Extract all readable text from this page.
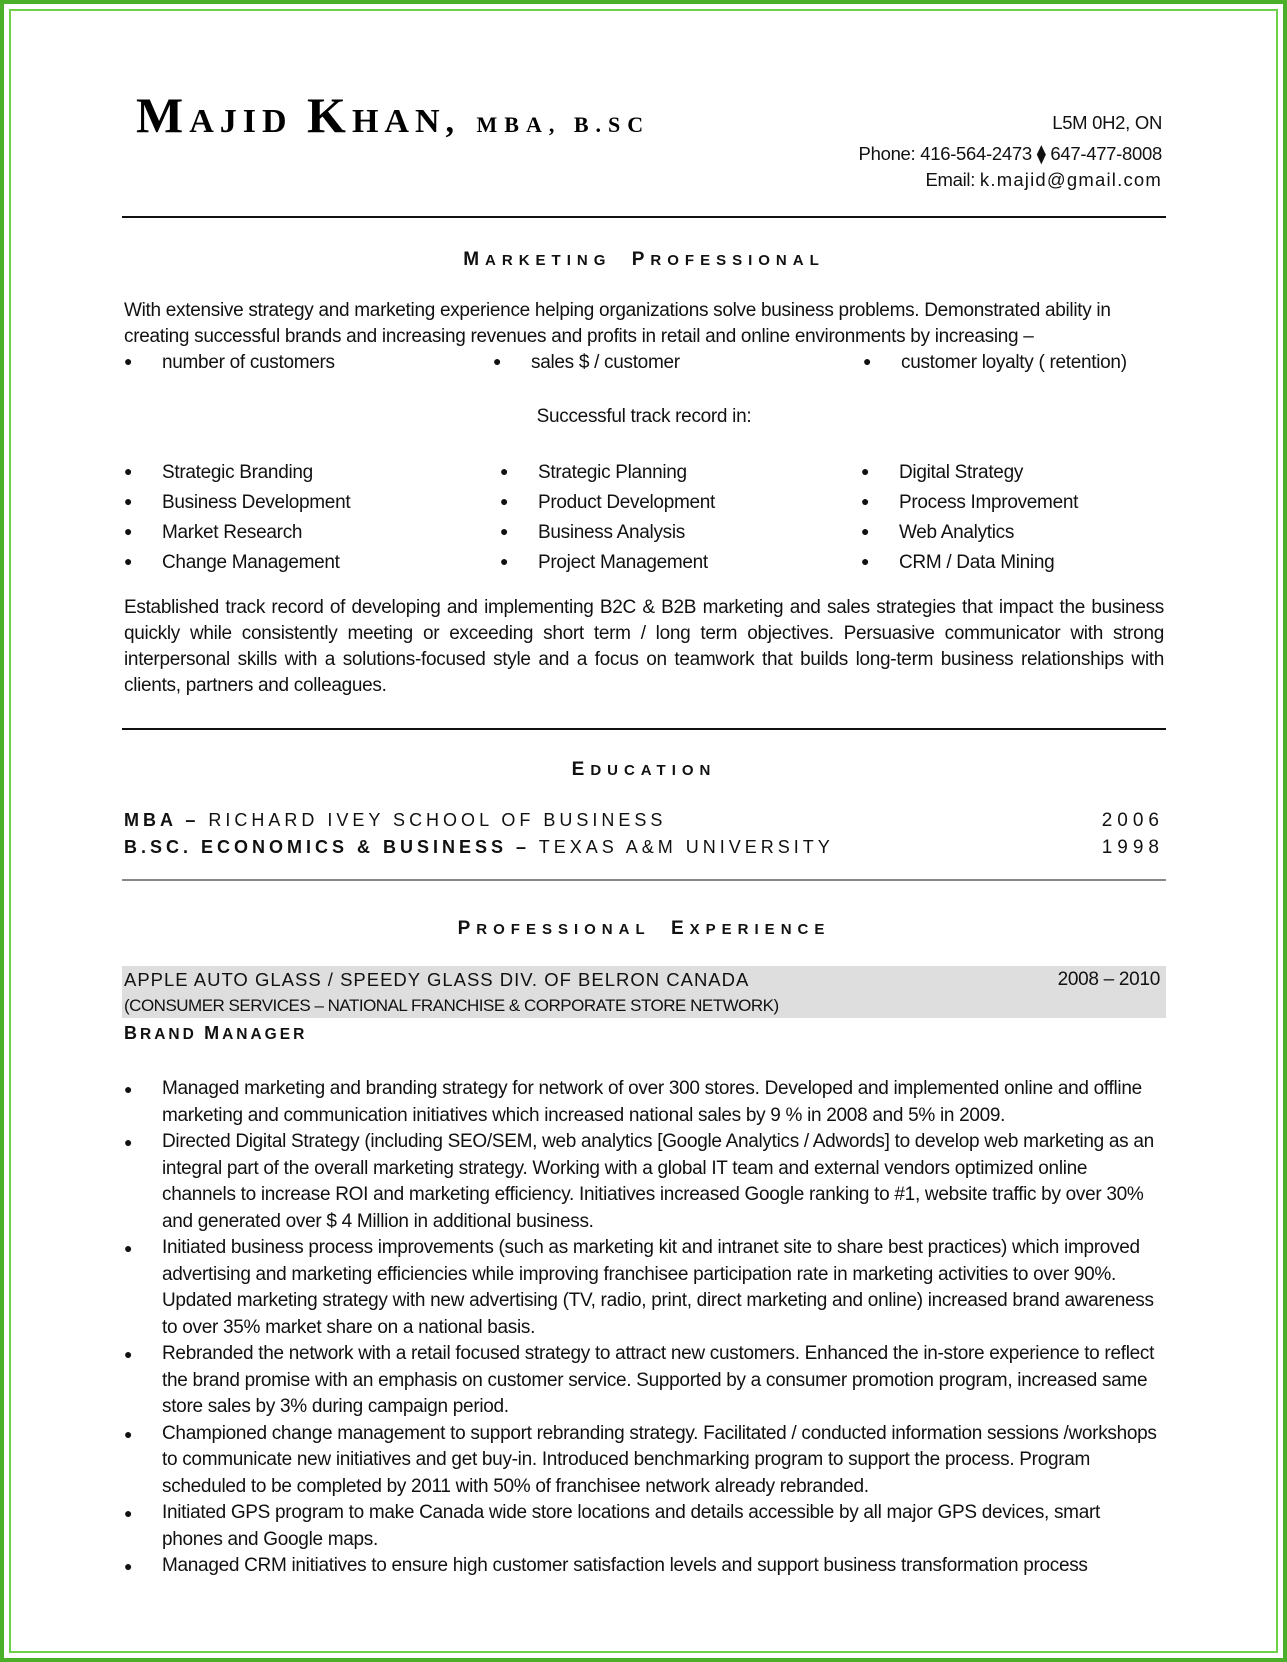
MAJID KHAN, MBA, B.SC	L5M 0H2, ON
Phone: 416-564-2473 ⧫ 647-477-8008
Email: k.majid@gmail.com
MARKETING PROFESSIONAL
With extensive strategy and marketing experience helping organizations solve business problems. Demonstrated ability in creating successful brands and increasing revenues and profits in retail and online environments by increasing –
● number of customers	● sales $ / customer	● customer loyalty ( retention)
Successful track record in:
● Strategic Branding
● Business Development
● Market Research
● Change Management
● Strategic Planning
● Product Development
● Business Analysis
● Project Management
● Digital Strategy
● Process Improvement
● Web Analytics
● CRM / Data Mining
Established track record of developing and implementing B2C & B2B marketing and sales strategies that impact the business quickly while consistently meeting or exceeding short term / long term objectives. Persuasive communicator with strong interpersonal skills with a solutions-focused style and a focus on teamwork that builds long-term business relationships with clients, partners and colleagues.
EDUCATION
MBA – RICHARD IVEY SCHOOL OF BUSINESS	2006
B.SC. ECONOMICS & BUSINESS – TEXAS A&M UNIVERSITY	1998
PROFESSIONAL EXPERIENCE
APPLE AUTO GLASS / SPEEDY GLASS DIV. OF BELRON CANADA	2008 – 2010
(CONSUMER SERVICES – NATIONAL FRANCHISE & CORPORATE STORE NETWORK)
BRAND MANAGER
● Managed marketing and branding strategy for network of over 300 stores. Developed and implemented online and offline marketing and communication initiatives which increased national sales by 9 % in 2008 and 5% in 2009.
● Directed Digital Strategy (including SEO/SEM, web analytics [Google Analytics / Adwords] to develop web marketing as an integral part of the overall marketing strategy. Working with a global IT team and external vendors optimized online channels to increase ROI and marketing efficiency. Initiatives increased Google ranking to #1, website traffic by over 30% and generated over $ 4 Million in additional business.
● Initiated business process improvements (such as marketing kit and intranet site to share best practices) which improved advertising and marketing efficiencies while improving franchisee participation rate in marketing activities to over 90%. Updated marketing strategy with new advertising (TV, radio, print, direct marketing and online) increased brand awareness to over 35% market share on a national basis.
● Rebranded the network with a retail focused strategy to attract new customers. Enhanced the in-store experience to reflect the brand promise with an emphasis on customer service. Supported by a consumer promotion program, increased same store sales by 3% during campaign period.
● Championed change management to support rebranding strategy. Facilitated / conducted information sessions /workshops to communicate new initiatives and get buy-in. Introduced benchmarking program to support the process. Program scheduled to be completed by 2011 with 50% of franchisee network already rebranded.
● Initiated GPS program to make Canada wide store locations and details accessible by all major GPS devices, smart phones and Google maps.
● Managed CRM initiatives to ensure high customer satisfaction levels and support business transformation process
